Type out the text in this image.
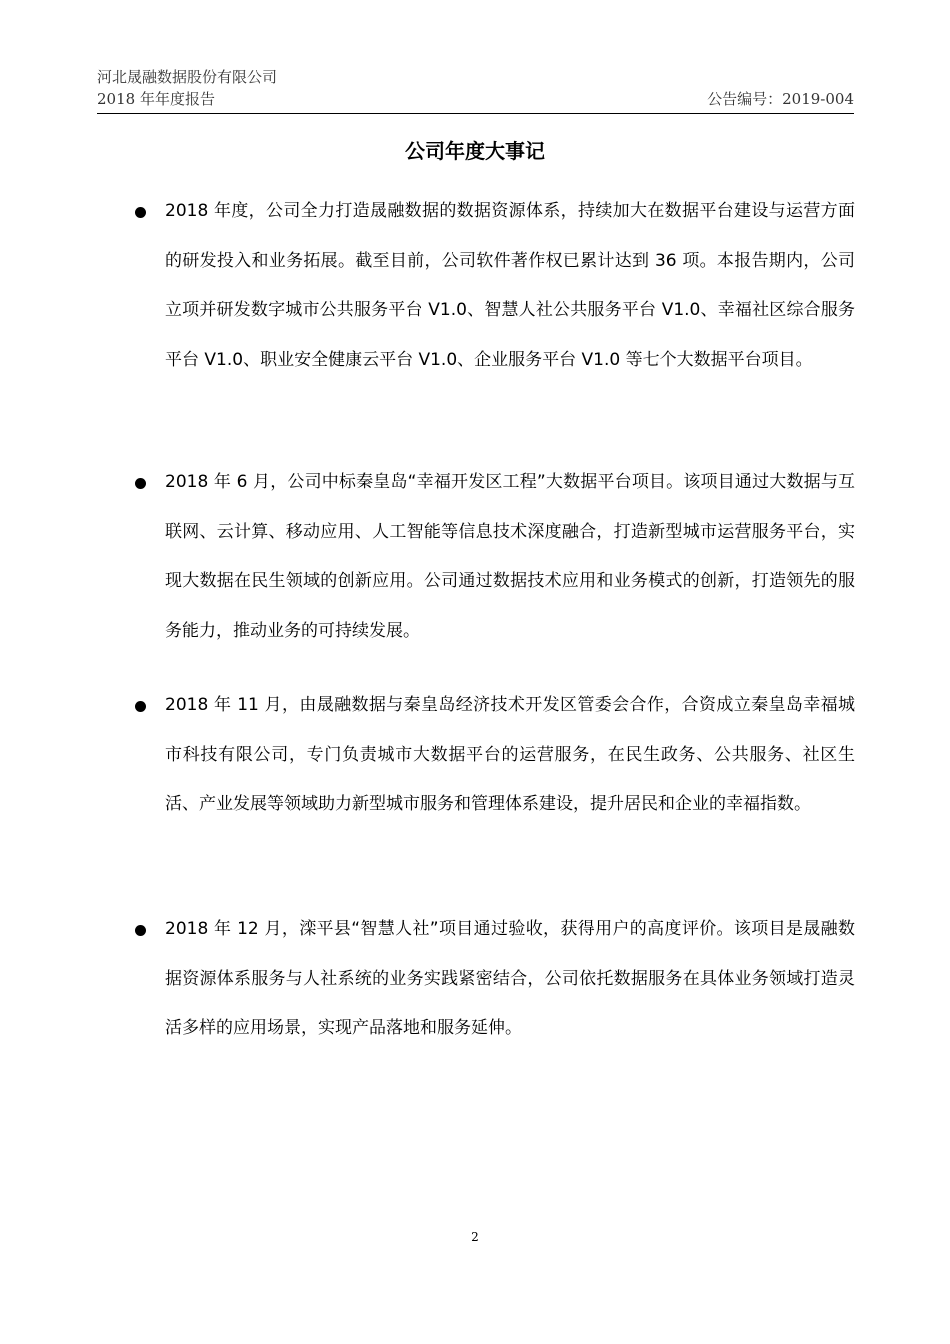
河北晟融数据股份有限公司
2018 年年度报告	公告编号：2019-004
公司年度大事记
2018 年度，公司全力打造晟融数据的数据资源体系，持续加大在数据平台建设与运营方面的研发投入和业务拓展。截至目前，公司软件著作权已累计达到 36 项。本报告期内，公司立项并研发数字城市公共服务平台 V1.0、智慧人社公共服务平台 V1.0、幸福社区综合服务平台 V1.0、职业安全健康云平台 V1.0、企业服务平台 V1.0 等七个大数据平台项目。
2018 年 6 月，公司中标秦皇岛“幸福开发区工程”大数据平台项目。该项目通过大数据与互联网、云计算、移动应用、人工智能等信息技术深度融合，打造新型城市运营服务平台，实现大数据在民生领域的创新应用。公司通过数据技术应用和业务模式的创新，打造领先的服务能力，推动业务的可持续发展。
2018 年 11 月，由晟融数据与秦皇岛经济技术开发区管委会合作，合资成立秦皇岛幸福城市科技有限公司，专门负责城市大数据平台的运营服务，在民生政务、公共服务、社区生活、产业发展等领域助力新型城市服务和管理体系建设，提升居民和企业的幸福指数。
2018 年 12 月，滦平县“智慧人社”项目通过验收，获得用户的高度评价。该项目是晟融数据资源体系服务与人社系统的业务实践紧密结合，公司依托数据服务在具体业务领域打造灵活多样的应用场景，实现产品落地和服务延伸。
2
